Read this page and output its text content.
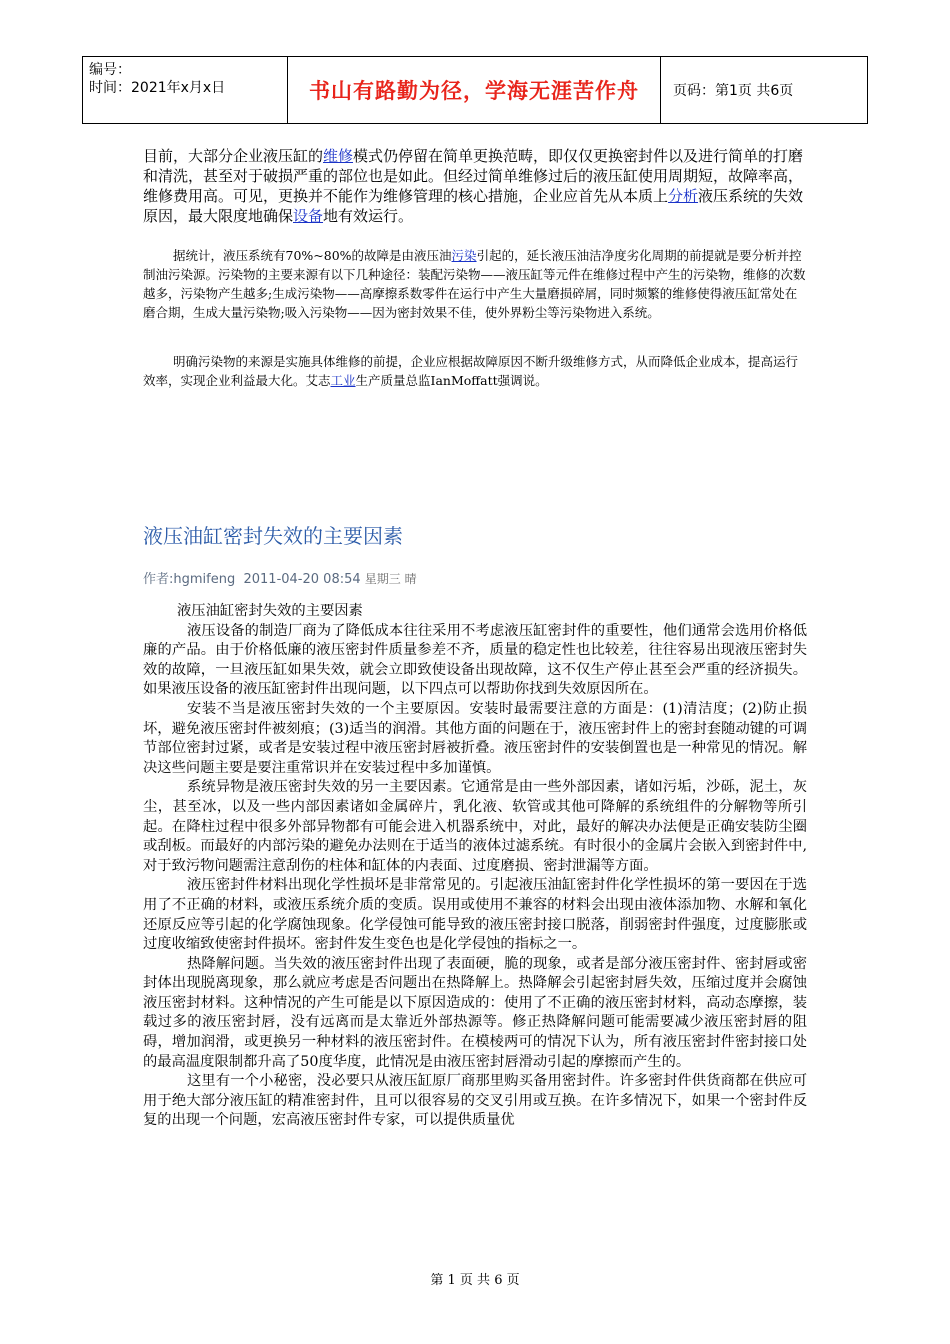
编号：
时间：2021年x月x日	书山有路勤为径，学海无涯苦作舟	页码：第1页 共6页
目前，大部分企业液压缸的维修模式仍停留在简单更换范畴，即仅仅更换密封件以及进行简单的打磨和清洗，甚至对于破损严重的部位也是如此。但经过简单维修过后的液压缸使用周期短，故障率高，维修费用高。可见，更换并不能作为维修管理的核心措施，企业应首先从本质上分析液压系统的失效原因，最大限度地确保设备地有效运行。
据统计，液压系统有70%~80%的故障是由液压油污染引起的，延长液压油洁净度劣化周期的前提就是要分析并控制油污染源。污染物的主要来源有以下几种途径：装配污染物——液压缸等元件在维修过程中产生的污染物，维修的次数越多，污染物产生越多;生成污染物——高摩擦系数零件在运行中产生大量磨损碎屑，同时频繁的维修使得液压缸常处在磨合期，生成大量污染物;吸入污染物——因为密封效果不佳，使外界粉尘等污染物进入系统。
明确污染物的来源是实施具体维修的前提，企业应根据故障原因不断升级维修方式，从而降低企业成本，提高运行效率，实现企业利益最大化。艾志工业生产质量总监IanMoffatt强调说。
液压油缸密封失效的主要因素
作者:hgmifeng 2011-04-20 08:54 星期三 晴

液压油缸密封失效的主要因素

液压设备的制造厂商为了降低成本往往采用不考虑液压缸密封件的重要性，他们通常会选用价格低廉的产品。由于价格低廉的液压密封件质量参差不齐，质量的稳定性也比较差，往往容易出现液压密封失效的故障，一旦液压缸如果失效，就会立即致使设备出现故障，这不仅生产停止甚至会严重的经济损失。如果液压设备的液压缸密封件出现问题，以下四点可以帮助你找到失效原因所在。

安装不当是液压密封失效的一个主要原因。安装时最需要注意的方面是：(1)清洁度；(2)防止损坏，避免液压密封件被刻痕；(3)适当的润滑。其他方面的问题在于，液压密封件上的密封套随动键的可调节部位密封过紧，或者是安装过程中液压密封唇被折叠。液压密封件的安装倒置也是一种常见的情况。解决这些问题主要是要注重常识并在安装过程中多加谨慎。

系统异物是液压密封失效的另一主要因素。它通常是由一些外部因素，诸如污垢，沙砾，泥土，灰尘，甚至冰，以及一些内部因素诸如金属碎片，乳化液、软管或其他可降解的系统组件的分解物等所引起。在降柱过程中很多外部异物都有可能会进入机器系统中，对此，最好的解决办法便是正确安装防尘圈或刮板。而最好的内部污染的避免办法则在于适当的液体过滤系统。有时很小的金属片会嵌入到密封件中,对于致污物问题需注意刮伤的柱体和缸体的内表面、过度磨损、密封泄漏等方面。

液压密封件材料出现化学性损坏是非常常见的。引起液压油缸密封件化学性损坏的第一要因在于选用了不正确的材料，或液压系统介质的变质。误用或使用不兼容的材料会出现由液体添加物、水解和氧化还原反应等引起的化学腐蚀现象。化学侵蚀可能导致的液压密封接口脱落，削弱密封件强度，过度膨胀或过度收缩致使密封件损坏。密封件发生变色也是化学侵蚀的指标之一。

热降解问题。当失效的液压密封件出现了表面硬，脆的现象，或者是部分液压密封件、密封唇或密封体出现脱离现象，那么就应考虑是否问题出在热降解上。热降解会引起密封唇失效，压缩过度并会腐蚀液压密封材料。这种情况的产生可能是以下原因造成的：使用了不正确的液压密封材料，高动态摩擦，装载过多的液压密封唇，没有远离而是太靠近外部热源等。修正热降解问题可能需要减少液压密封唇的阻碍，增加润滑，或更换另一种材料的液压密封件。在模棱两可的情况下认为，所有液压密封件密封接口处的最高温度限制都升高了50度华度，此情况是由液压密封唇滑动引起的摩擦而产生的。

这里有一个小秘密，没必要只从液压缸原厂商那里购买备用密封件。许多密封件供货商都在供应可用于绝大部分液压缸的精准密封件，且可以很容易的交叉引用或互换。在许多情况下，如果一个密封件反复的出现一个问题，宏高液压密封件专家，可以提供质量优

第 1 页 共 6 页
